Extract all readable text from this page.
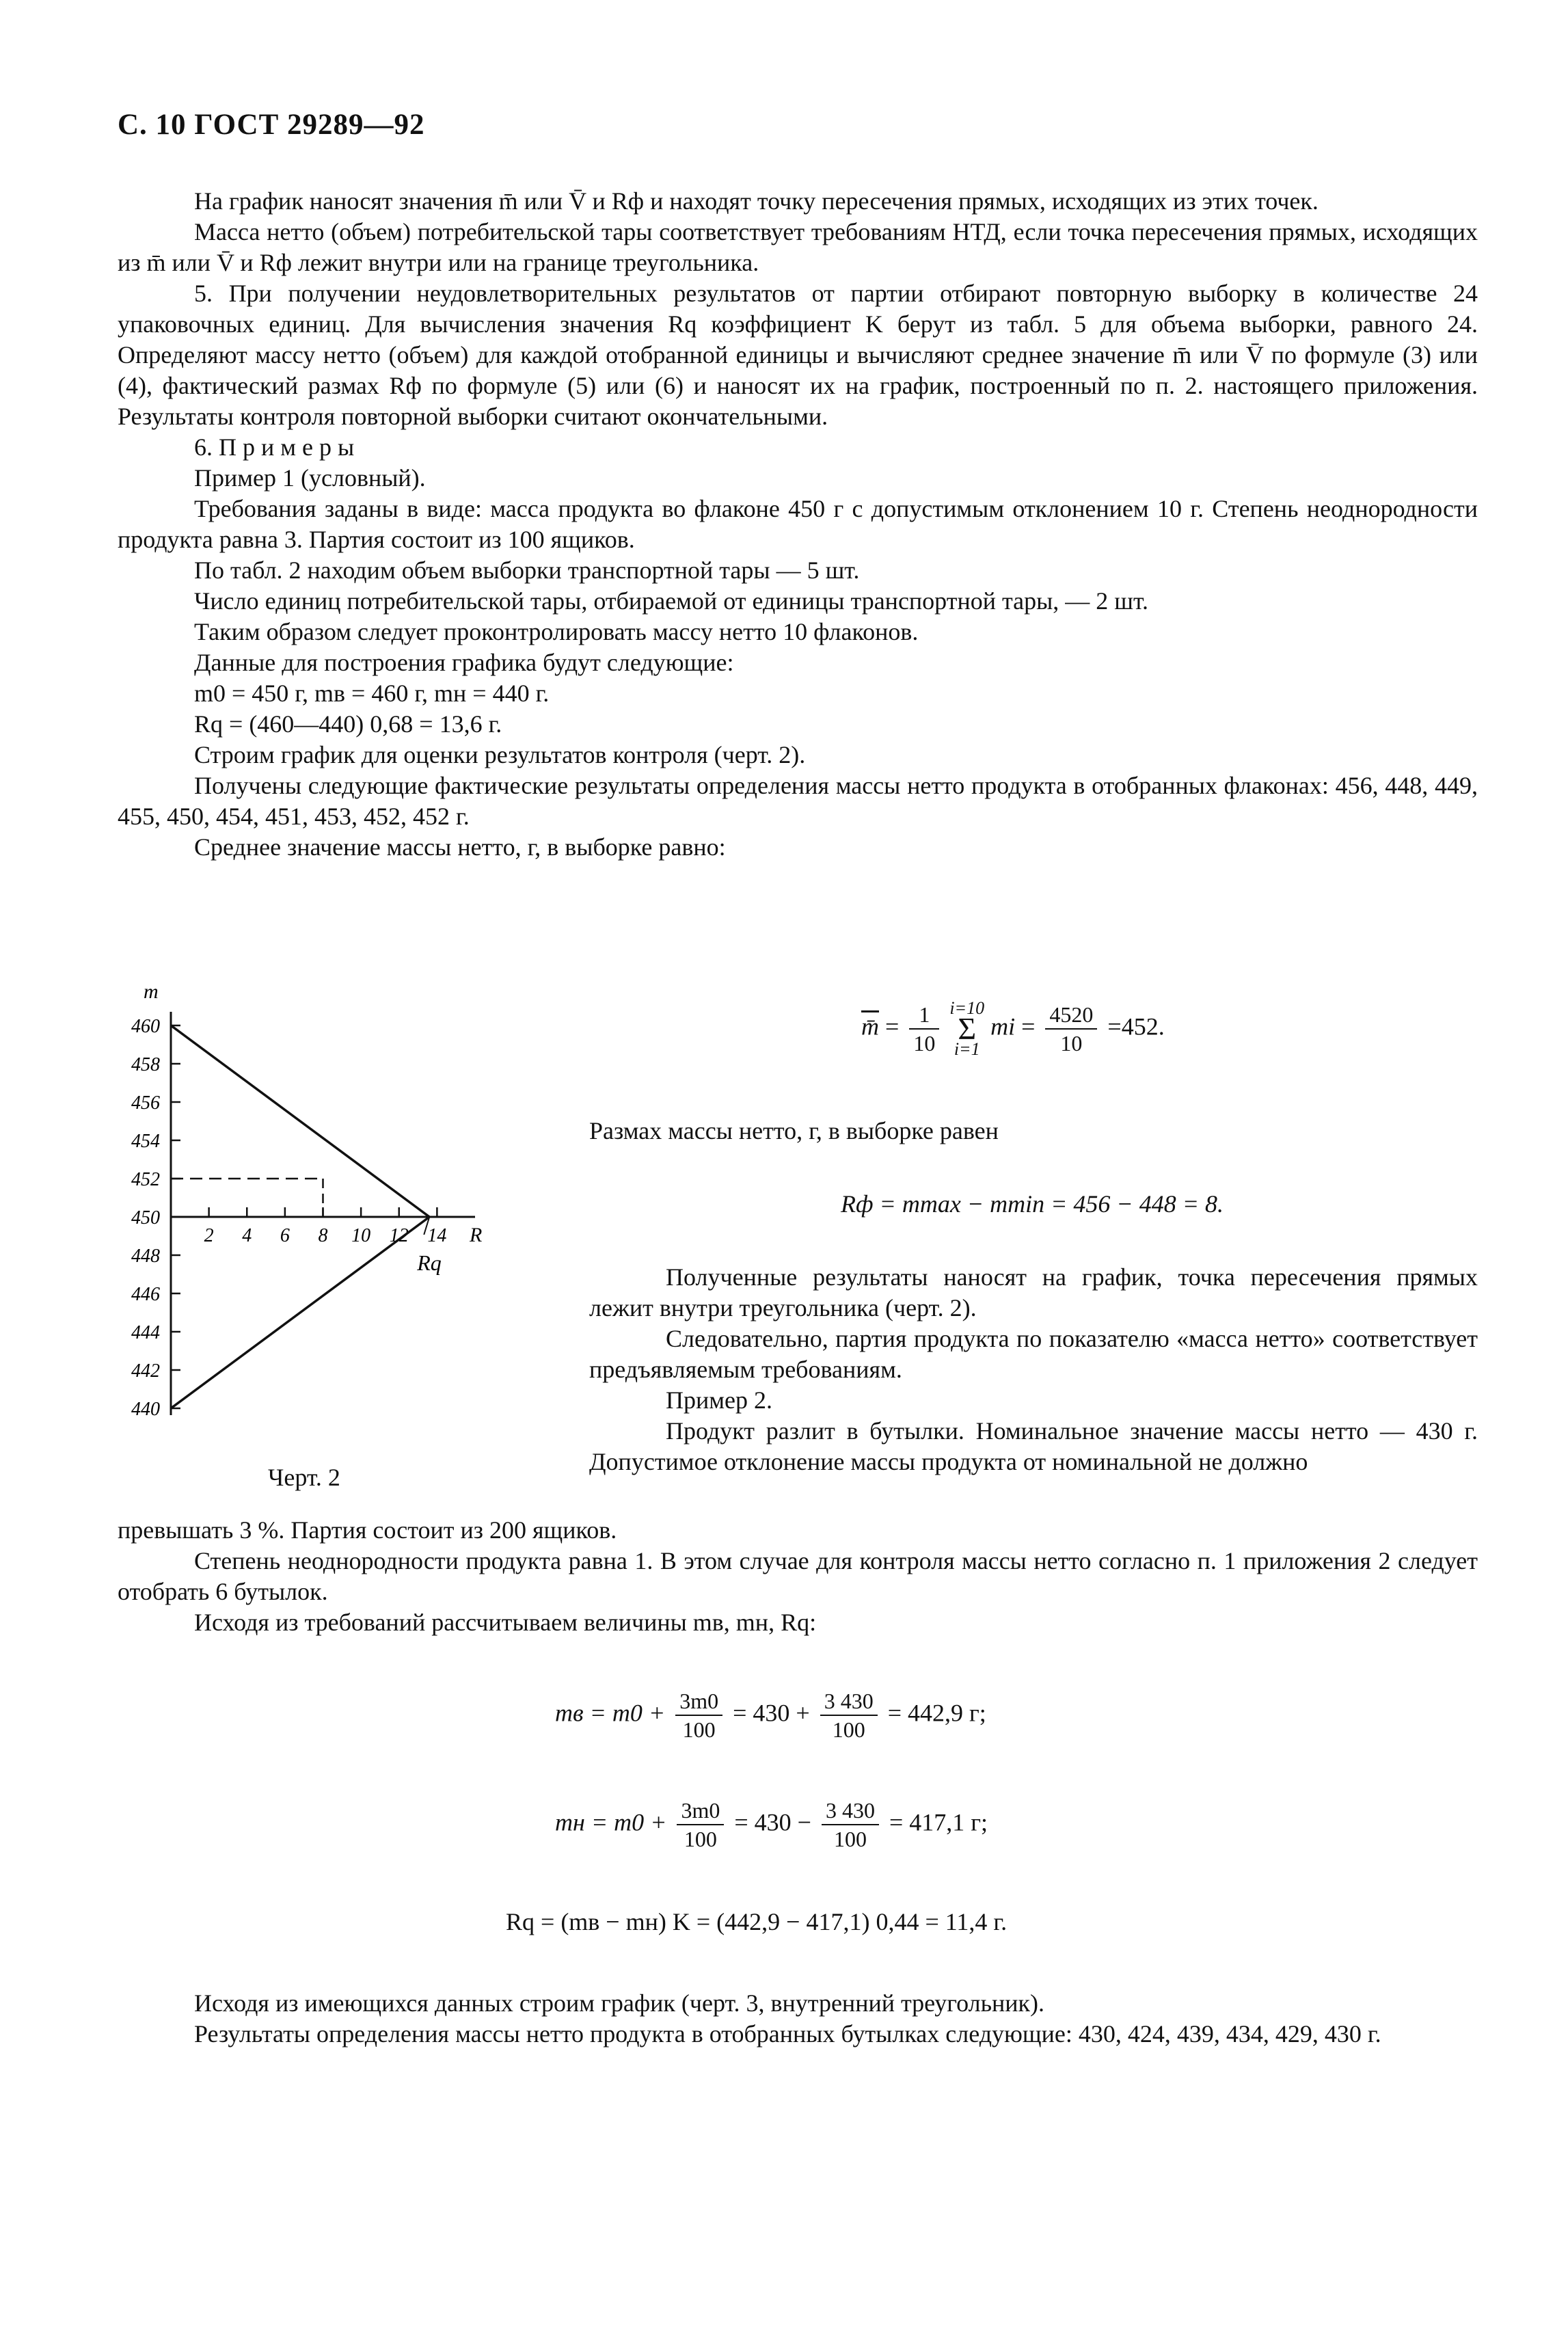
С. 10 ГОСТ 29289—92

На график наносят значения m̄ или V̄ и Rф и находят точку пересечения прямых, исходящих из этих точек.

Масса нетто (объем) потребительской тары соответствует требованиям НТД, если точка пересечения прямых, исходящих из m̄ или V̄ и Rф лежит внутри или на границе треугольника.

5. При получении неудовлетворительных результатов от партии отбирают повторную выборку в количестве 24 упаковочных единиц. Для вычисления значения Rq коэффициент K берут из табл. 5 для объема выборки, равного 24. Определяют массу нетто (объем) для каждой отобранной единицы и вычисляют среднее значение m̄ или V̄ по формуле (3) или (4), фактический размах Rф по формуле (5) или (6) и наносят их на график, построенный по п. 2. настоящего приложения. Результаты контроля повторной выборки считают окончательными.

6. П р и м е р ы

Пример 1 (условный).

Требования заданы в виде: масса продукта во флаконе 450 г с допустимым отклонением 10 г. Степень неоднородности продукта равна 3. Партия состоит из 100 ящиков.

По табл. 2 находим объем выборки транспортной тары — 5 шт.

Число единиц потребительской тары, отбираемой от единицы транспортной тары, — 2 шт.

Таким образом следует проконтролировать массу нетто 10 флаконов.

Данные для построения графика будут следующие:

m0 = 450 г, mв = 460 г, mн = 440 г.

Rq = (460—440) 0,68 = 13,6 г.

Строим график для оценки результатов контроля (черт. 2).

Получены следующие фактические результаты определения массы нетто продукта в отобранных флаконах: 456, 448, 449, 455, 450, 454, 451, 453, 452, 452 г.

Среднее значение массы нетто, г, в выборке равно:

m
460
458
456
454
452
450
448
446
444
442
440
2 4 6 8 10 12 14 R
Rq
Черт. 2
m̄ = $\frac{1}{10}$
i=10
Σ
i=1
mi = $\frac{4520}{10} =452$.
Размах массы нетто, г, в выборке равен
Rф = mmax − mmin = 456 − 448 = 8.

Полученные результаты наносят на график, точка пересечения прямых лежит внутри треугольника (черт. 2).

Следовательно, партия продукта по показателю «масса нетто» соответствует предъявляемым требованиям.

Пример 2.

Продукт разлит в бутылки. Номинальное значение массы нетто — 430 г. Допустимое отклонение массы продукта от номинальной не должно

превышать 3 %. Партия состоит из 200 ящиков.

Степень неоднородности продукта равна 1. В этом случае для контроля массы нетто согласно п. 1 приложения 2 следует отобрать 6 бутылок.

Исходя из требований рассчитываем величины mв, mн, Rq:

mв = $m0 + \frac{3m0}{100} = 430 + \frac{3 430}{100} = 442,9$ г;
mн = $m0 + \frac{3m0}{100} = 430 - \frac{3 430}{100} = 417,1$ г;
Rq = (mв − mн) K = (442,9 − 417,1) 0,44 = 11,4 г.

Исходя из имеющихся данных строим график (черт. 3, внутренний треугольник).

Результаты определения массы нетто продукта в отобранных бутылках следующие: 430, 424, 439, 434, 429, 430 г.
